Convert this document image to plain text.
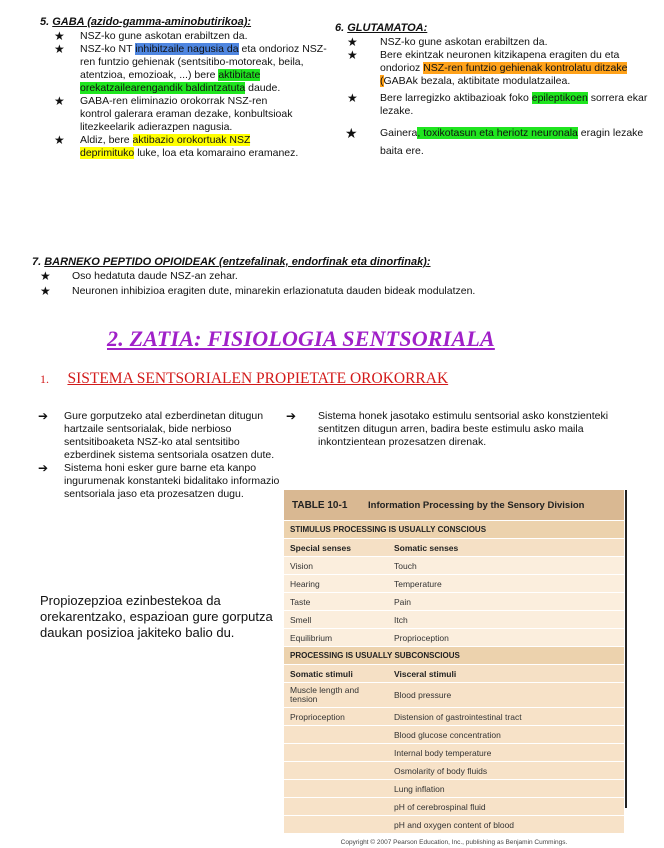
5. GABA (azido-gamma-aminobutirikoa):
★ NSZ-ko gune askotan erabiltzen da.
★ NSZ-ko NT inhibitzaile nagusia da eta ondorioz NSZ-ren funtzio gehienak (sentsitibo-motoreak, beila, atentzioa, emozioak, ...) bere aktibitate orekatzailearengandik baldintzatuta daude.
★ GABA-ren eliminazio orokorrak NSZ-ren kontrol galerara eraman dezake, konbultsioak litezkeelarik adierazpen nagusia.
★ Aldiz, bere aktibazio orokortuak NSZ deprimituko luke, loa eta komaraino eramanez.
6. GLUTAMATOA:
★ NSZ-ko gune askotan erabiltzen da.
★ Bere ekintzak neuronen kitzikapena eragiten du eta ondorioz NSZ-ren funtzio gehienak kontrolatu ditzake (GABAk bezala, aktibitate modulatzailea.
★ Bere larregizko aktibazioak foko epileptikoen sorrera ekar lezake.
★ Gainera, toxikotasun eta heriotz neuronala eragin lezake baita ere.
7. BARNEKO PEPTIDO OPIOIDEAK (entzefalinak, endorfinak eta dinorfinak):
★ Oso hedatuta daude NSZ-an zehar.
★ Neuronen inhibizioa eragiten dute, minarekin erlazionatuta dauden bideak modulatzen.
2. ZATIA: FISIOLOGIA SENTSORIALA
1. SISTEMA SENTSORIALEN PROPIETATE OROKORRAK
➔ Gure gorputzeko atal ezberdinetan ditugun hartzaile sentsorialak, bide nerbioso sentsitiboaketa NSZ-ko atal sentsitibo ezberdinek sistema sentsoriala osatzen dute.
➔ Sistema honi esker gure barne eta kanpo ingurumenak konstanteki bidalitako informazio sentsoriala jaso eta prozesatzen dugu.
➔ Sistema honek jasotako estimulu sentsorial asko konstzienteki sentitzen ditugun arren, badira beste estimulu asko maila inkontzientean prozesatzen direnak.
Propiozepzioa ezinbestekoa da orekarentzako, espazioan gure gorputza daukan posizioa jakiteko balio du.
TABLE 10-1	Information Processing by the Sensory Division
STIMULUS PROCESSING IS USUALLY CONSCIOUS	
Special senses	Somatic senses
Vision	Touch
Hearing	Temperature
Taste	Pain
Smell	Itch
Equilibrium	Proprioception
PROCESSING IS USUALLY SUBCONSCIOUS	
Somatic stimuli	Visceral stimuli
Muscle length and tension	Blood pressure
Proprioception	Distension of gastrointestinal tract
	Blood glucose concentration
	Internal body temperature
	Osmolarity of body fluids
	Lung inflation
	pH of cerebrospinal fluid
	pH and oxygen content of blood
Copyright © 2007 Pearson Education, Inc., publishing as Benjamin Cummings.
